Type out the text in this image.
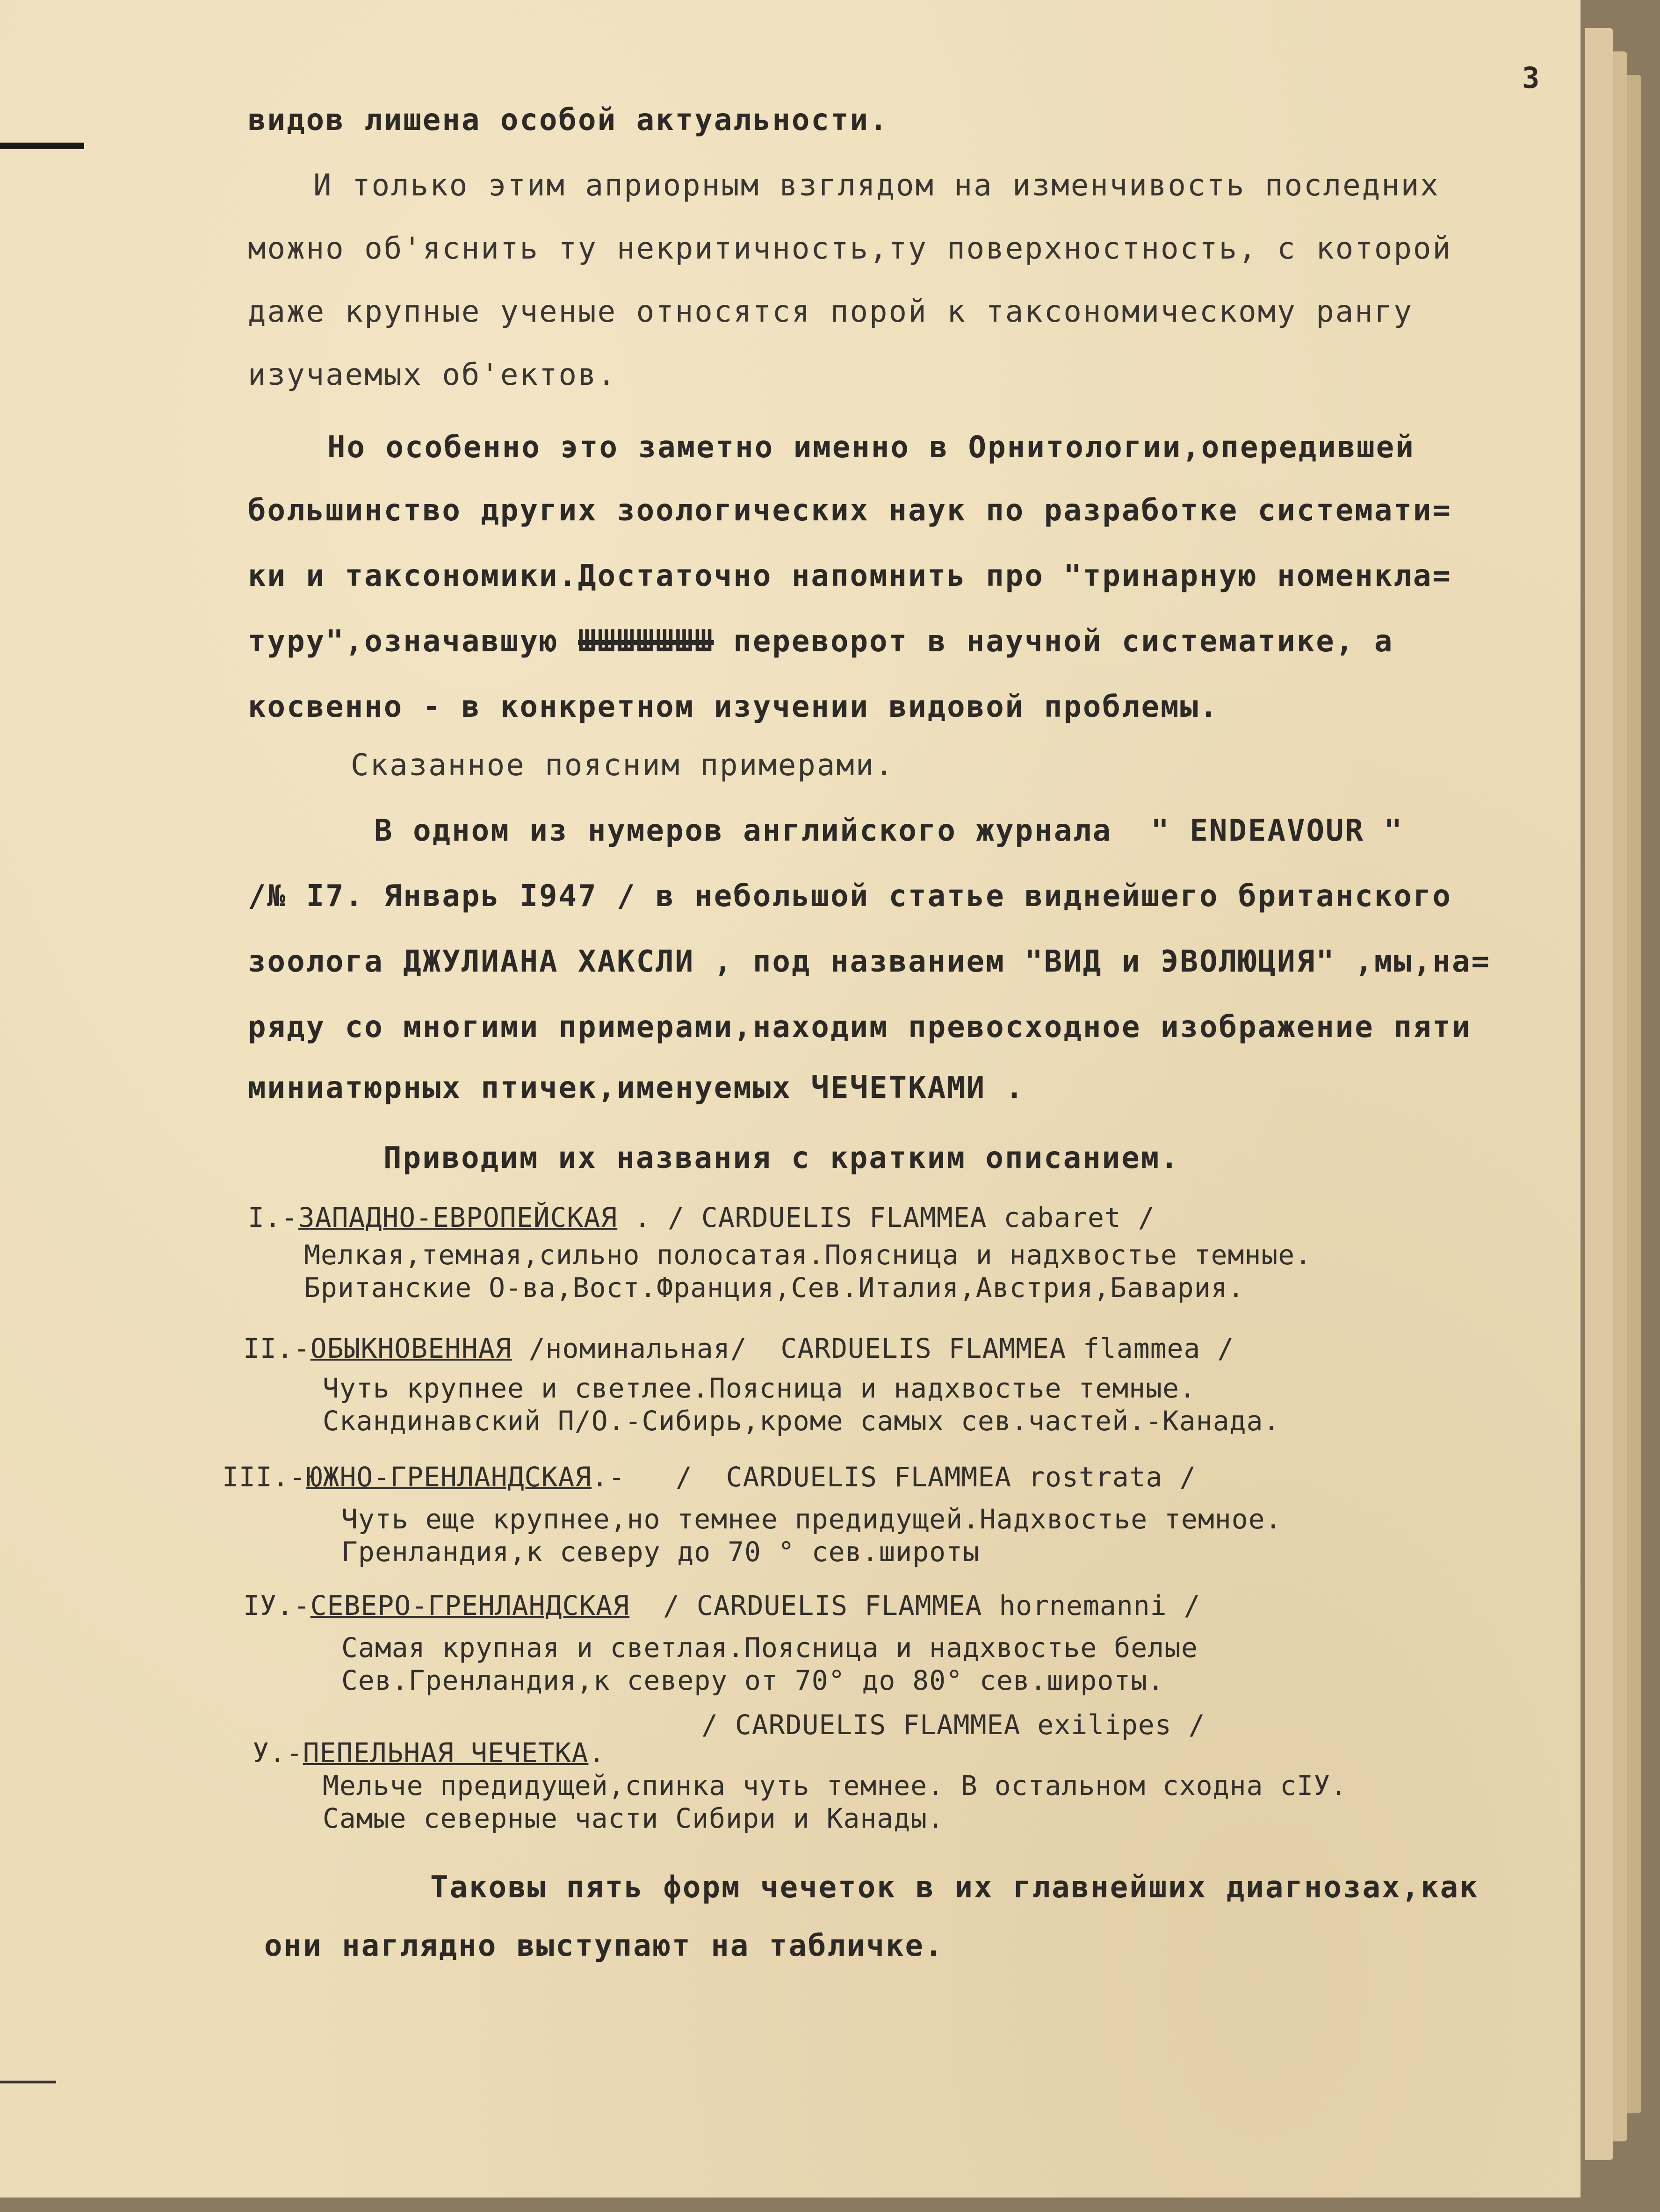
3
видов лишена особой актуальности.
И только этим априорным взглядом на изменчивость последних
можно об'яснить ту некритичность,ту поверхностность, с которой
даже крупные ученые относятся порой к таксономическому рангу
изучаемых об'ектов.
Но особенно это заметно именно в Орнитологии,опередившей
большинство других зоологических наук по разработке системати=
ки и таксономики.Достаточно напомнить про "тринарную номенкла=
туру",означавшую ШШШШШШШ переворот в научной систематике, а
косвенно - в конкретном изучении видовой проблемы.
Сказанное поясним примерами.
В одном из нумеров английского журнала  " ENDEAVOUR "
/№ I7. Январь I947 / в небольшой статье виднейшего британского
зоолога ДЖУЛИАНА ХАКСЛИ , под названием "ВИД и ЭВОЛЮЦИЯ" ,мы,на=
ряду со многими примерами,находим превосходное изображение пяти
миниатюрных птичек,именуемых ЧЕЧЕТКАМИ .
Приводим их названия с кратким описанием.
I.-ЗАПАДНО-ЕВРОПЕЙСКАЯ . / CARDUELIS FLAMMEA cabaret /
Мелкая,темная,сильно полосатая.Поясница и надхвостье темные.
Британские О-ва,Вост.Франция,Сев.Италия,Австрия,Бавария.
II.-ОБЫКНОВЕННАЯ /номинальная/  CARDUELIS FLAMMEA flammea /
Чуть крупнее и светлее.Поясница и надхвостье темные.
Скандинавский П/О.-Сибирь,кроме самых сев.частей.-Канада.
III.-ЮЖНО-ГРЕНЛАНДСКАЯ.-   /  CARDUELIS FLAMMEA rostrata /
Чуть еще крупнее,но темнее предидущей.Надхвостье темное.
Гренландия,к северу до 70 ° сев.широты
IУ.-СЕВЕРО-ГРЕНЛАНДСКАЯ  / CARDUELIS FLAMMEA hornemanni /
Самая крупная и светлая.Поясница и надхвостье белые
Сев.Гренландия,к северу от 70° до 80° сев.широты.
/ CARDUELIS FLAMMEA exilipes /
У.-ПЕПЕЛЬНАЯ ЧЕЧЕТКА.
Мельче предидущей,спинка чуть темнее. В остальном сходна сIУ.
Самые северные части Сибири и Канады.
Таковы пять форм чечеток в их главнейших диагнозах,как
они наглядно выступают на табличке.
